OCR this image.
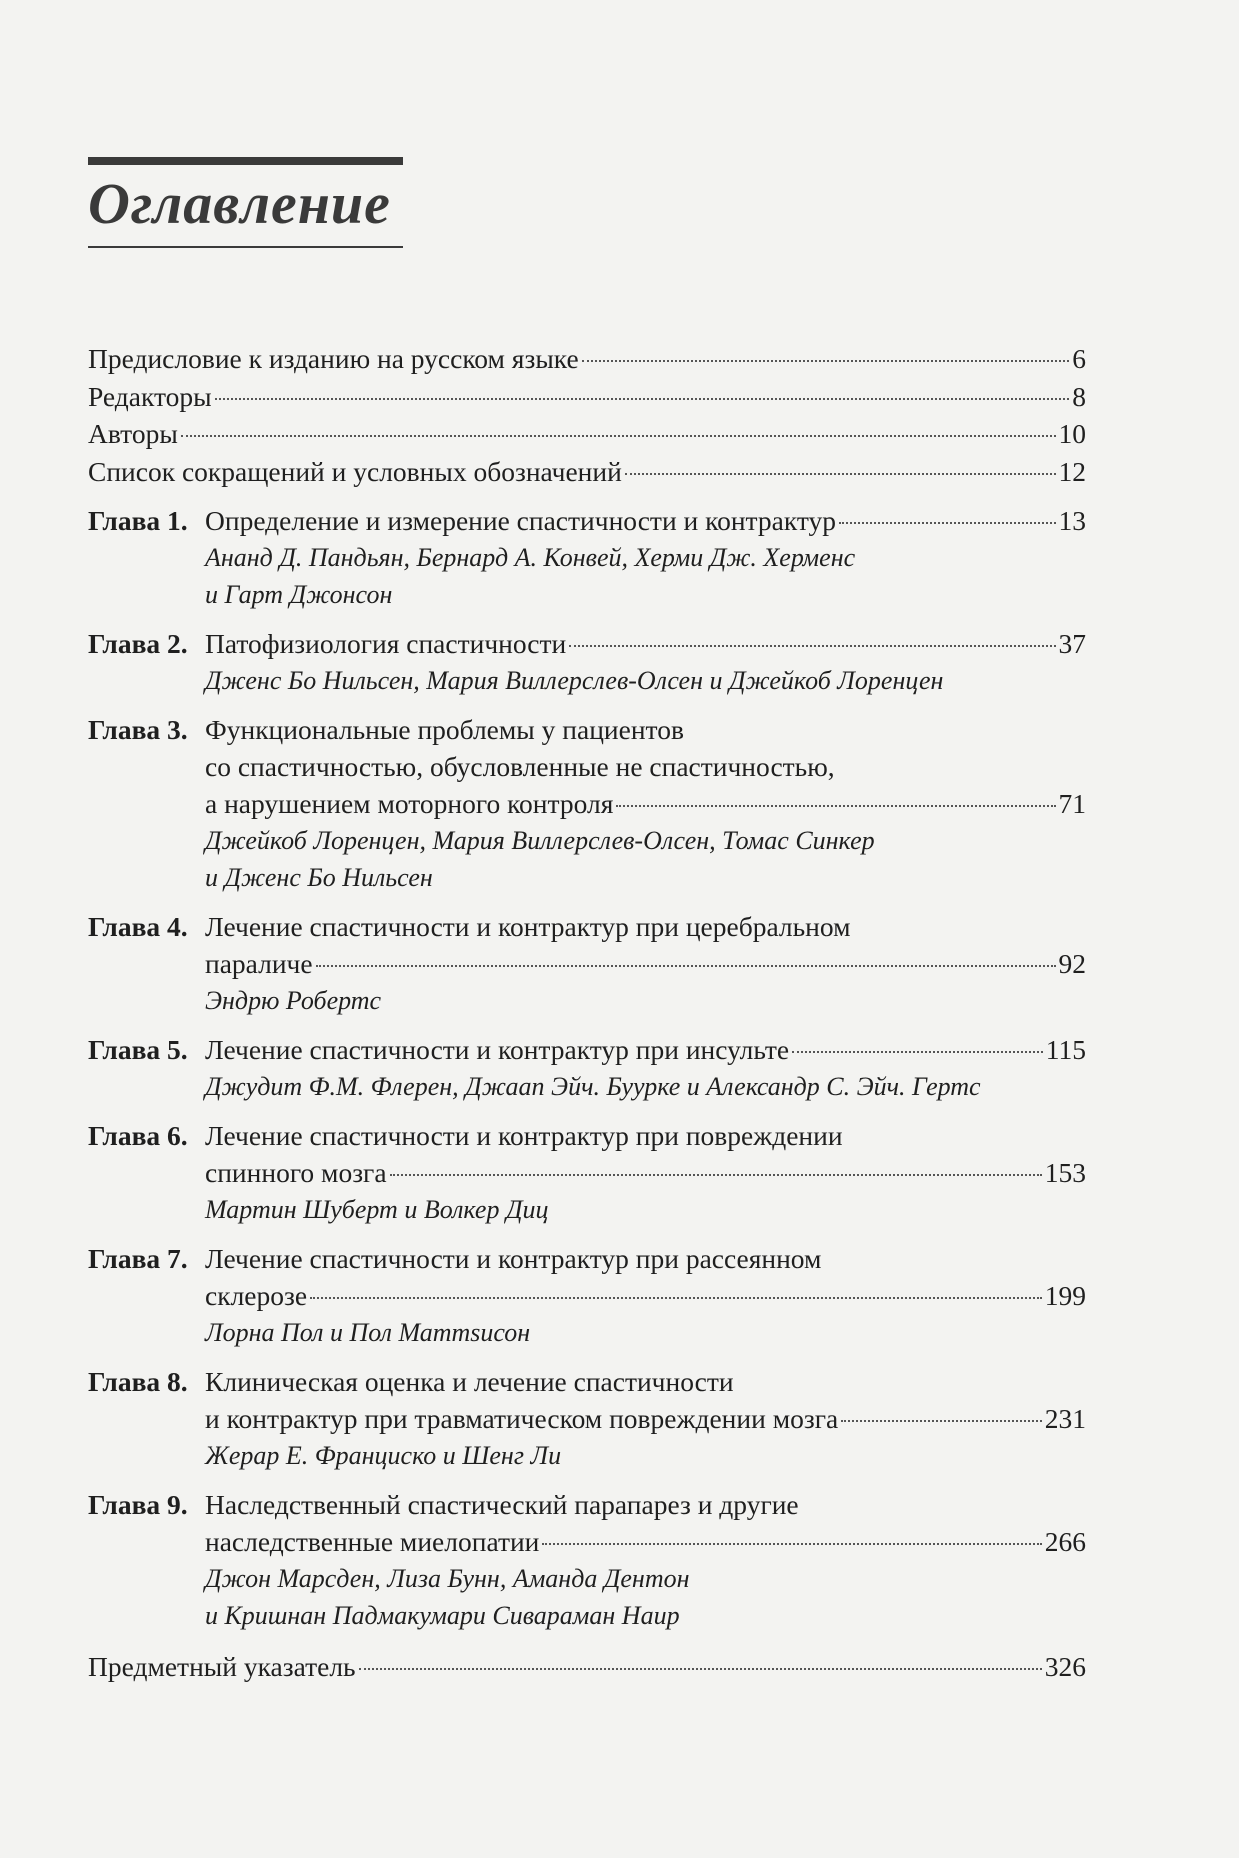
Оглавление
Предисловие к изданию на русском языке	6
Редакторы	8
Авторы	10
Список сокращений и условных обозначений	12
Глава 1. Определение и измерение спастичности и контрактур	13
Ананд Д. Пандьян, Бернард А. Конвей, Херми Дж. Херменс
и Гарт Джонсон
Глава 2. Патофизиология спастичности	37
Дженс Бо Нильсен, Мария Виллерслев-Олсен и Джейкоб Лоренцен
Глава 3. Функциональные проблемы у пациентов
со спастичностью, обусловленные не спастичностью,
а нарушением моторного контроля	71
Джейкоб Лоренцен, Мария Виллерслев-Олсен, Томас Синкер
и Дженс Бо Нильсен
Глава 4. Лечение спастичности и контрактур при церебральном
параличе	92
Эндрю Робертс
Глава 5. Лечение спастичности и контрактур при инсульте	115
Джудит Ф.М. Флерен, Джаап Эйч. Буурке и Александр С. Эйч. Гертс
Глава 6. Лечение спастичности и контрактур при повреждении
спинного мозга	153
Мартин Шуберт и Волкер Диц
Глава 7. Лечение спастичности и контрактур при рассеянном
склерозе	199
Лорна Пол и Пол Маттsисон
Глава 8. Клиническая оценка и лечение спастичности
и контрактур при травматическом повреждении мозга	231
Жерар Е. Франциско и Шенг Ли
Глава 9. Наследственный спастический парапарез и другие
наследственные миелопатии	266
Джон Марсден, Лиза Бунн, Аманда Дентон
и Кришнан Падмакумари Сивараман Наир
Предметный указатель	326
